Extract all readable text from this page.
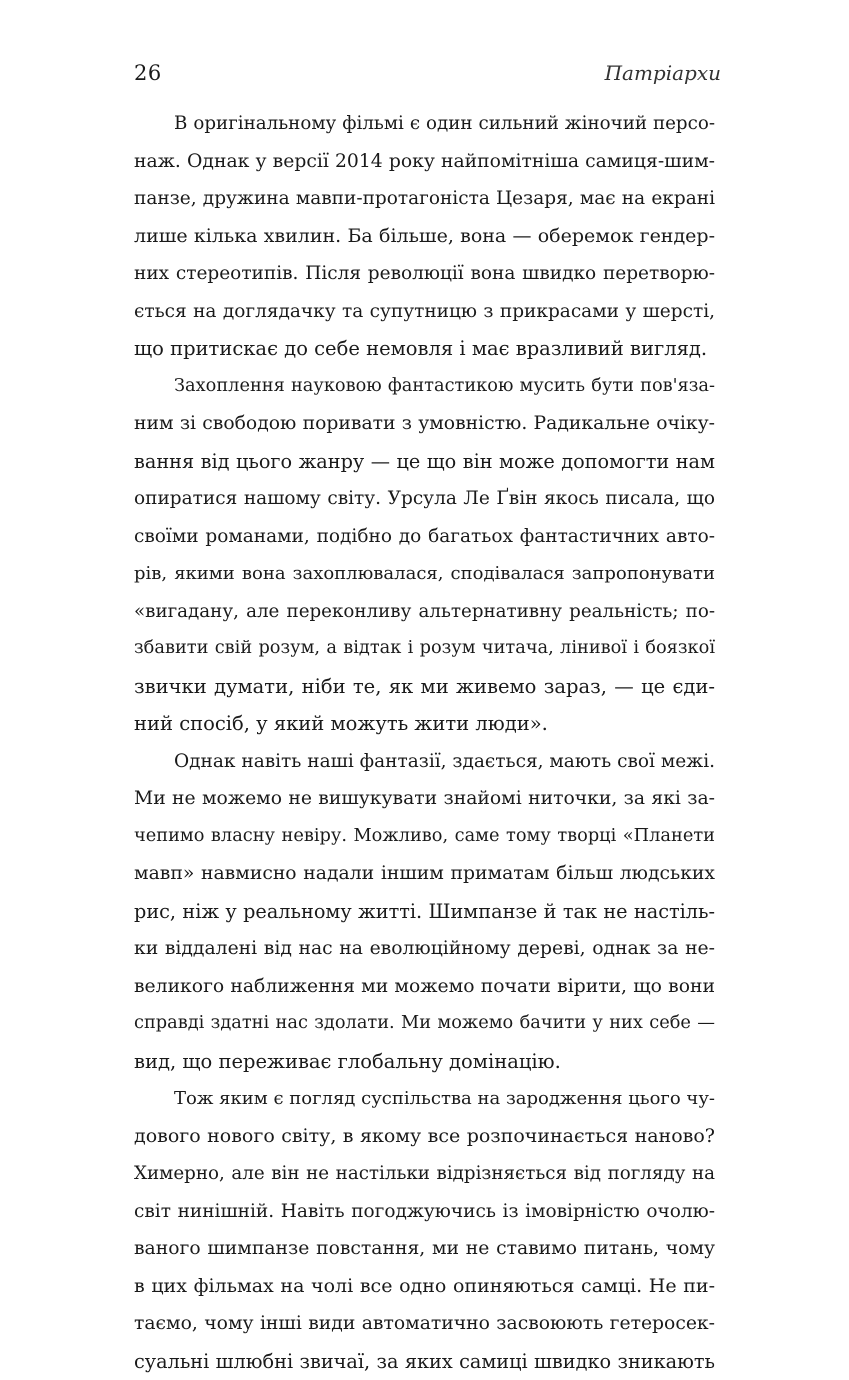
26	Патріархи
В оригінальному фільмі є один сильний жіночий персо-
наж. Однак у версії 2014 року найпомітніша самиця-шим-
панзе, дружина мавпи-протагоніста Цезаря, має на екрані
лише кілька хвилин. Ба більше, вона — оберемок гендер-
них стереотипів. Після революції вона швидко перетворю-
ється на доглядачку та супутницю з прикрасами у шерсті,
що притискає до себе немовля і має вразливий вигляд.
Захоплення науковою фантастикою мусить бути пов'яза-
ним зі свободою поривати з умовністю. Радикальне очіку-
вання від цього жанру — це що він може допомогти нам
опиратися нашому світу. Урсула Ле Ґвін якось писала, що
своїми романами, подібно до багатьох фантастичних авто-
рів, якими вона захоплювалася, сподівалася запропонувати
«вигадану, але переконливу альтернативну реальність; по-
збавити свій розум, а відтак і розум читача, лінивої і боязкої
звички думати, ніби те, як ми живемо зараз, — це єди-
ний спосіб, у який можуть жити люди».
Однак навіть наші фантазії, здається, мають свої межі.
Ми не можемо не вишукувати знайомі ниточки, за які за-
чепимо власну невіру. Можливо, саме тому творці «Планети
мавп» навмисно надали іншим приматам більш людських
рис, ніж у реальному житті. Шимпанзе й так не настіль-
ки віддалені від нас на еволюційному дереві, однак за не-
великого наближення ми можемо почати вірити, що вони
справді здатні нас здолати. Ми можемо бачити у них себе —
вид, що переживає глобальну домінацію.
Тож яким є погляд суспільства на зародження цього чу-
дового нового світу, в якому все розпочинається наново?
Химерно, але він не настільки відрізняється від погляду на
світ нинішній. Навіть погоджуючись із імовірністю очолю-
ваного шимпанзе повстання, ми не ставимо питань, чому
в цих фільмах на чолі все одно опиняються самці. Не пи-
таємо, чому інші види автоматично засвоюють гетеросек-
суальні шлюбні звичаї, за яких самиці швидко зникають
